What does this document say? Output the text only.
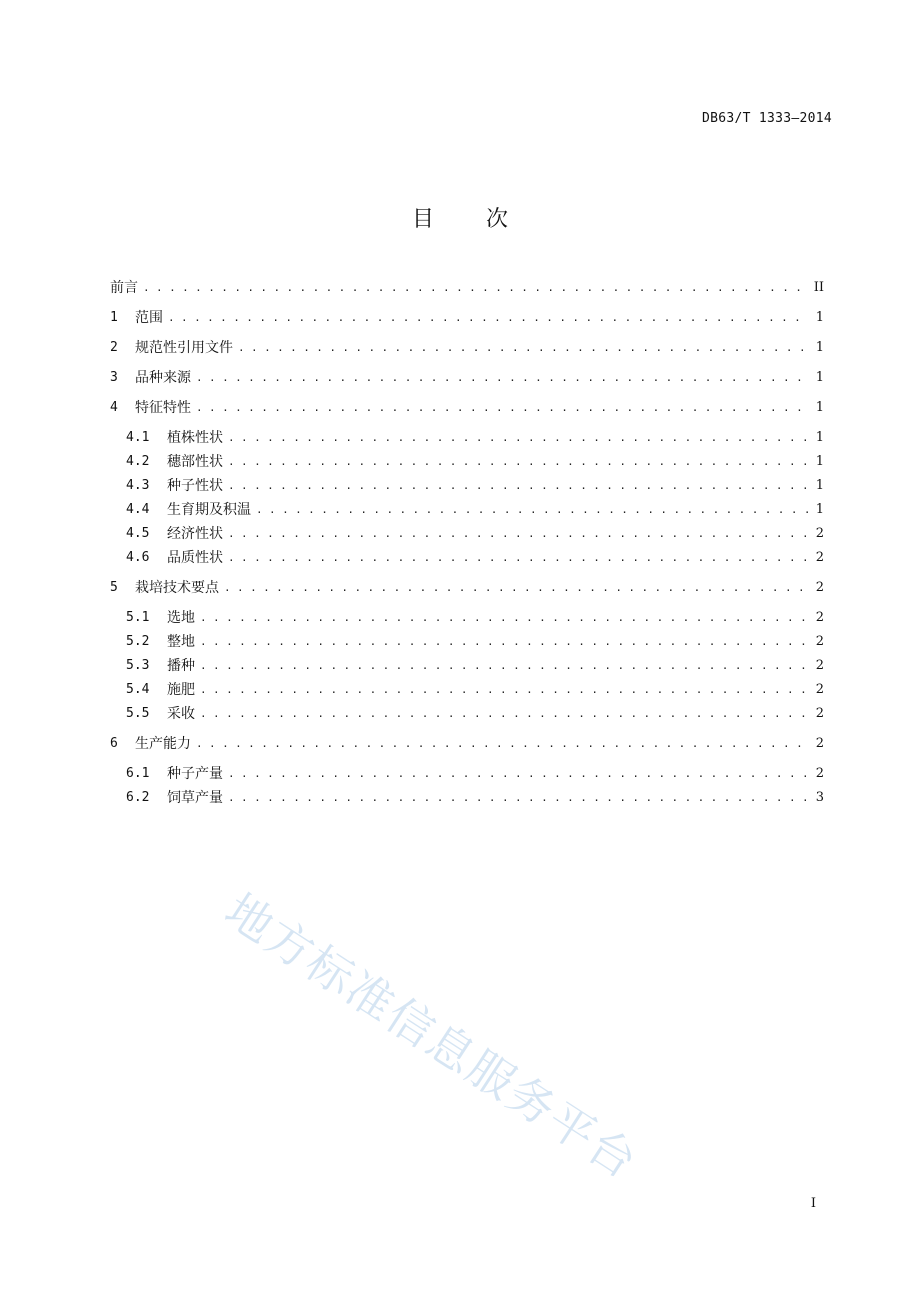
DB63/T 1333—2014
目 次
前言 . . .	II
1	范围 . . .	1
2	规范性引用文件 . . .	1
3	品种来源 . . .	1
4	特征特性 . . .	1
4.1	植株性状 . . .	1
4.2	穗部性状 . . .	1
4.3	种子性状 . . .	1
4.4	生育期及积温 . . .	1
4.5	经济性状 . . .	2
4.6	品质性状 . . .	2
5	栽培技术要点 . . .	2
5.1	选地 . . .	2
5.2	整地 . . .	2
5.3	播种 . . .	2
5.4	施肥 . . .	2
5.5	采收 . . .	2
6	生产能力 . . .	2
6.1	种子产量 . . .	2
6.2	饲草产量 . . .	3
地方标准信息服务平台
I
